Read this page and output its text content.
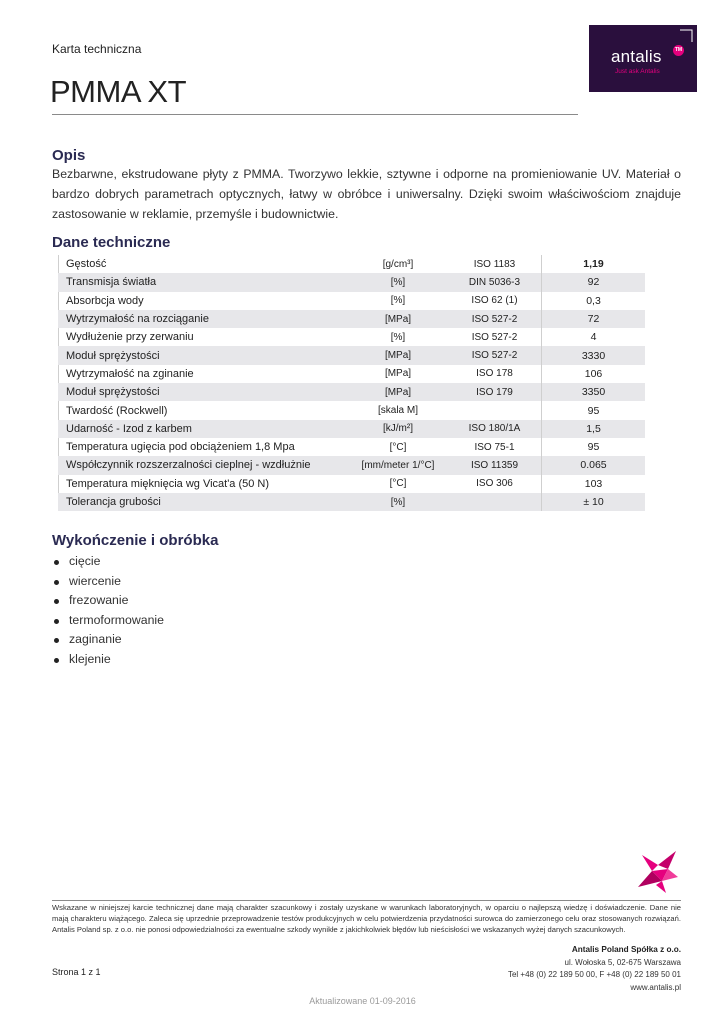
Karta techniczna
PMMA XT
antalis	TM
Just ask Antalis
Opis
Bezbarwne, ekstrudowane płyty z PMMA. Tworzywo lekkie, sztywne i odporne na promieniowanie UV. Materiał o bardzo dobrych parametrach optycznych, łatwy w obróbce i uniwersalny. Dzięki swoim właściwościom znajduje zastosowanie w reklamie, przemyśle i budownictwie.
Dane techniczne
Gęstość	[g/cm³]	ISO 1183	1,19
Transmisja światła	[%]	DIN 5036-3	92
Absorbcja wody	[%]	ISO 62 (1)	0,3
Wytrzymałość na rozciąganie	[MPa]	ISO 527-2	72
Wydłużenie przy zerwaniu	[%]	ISO 527-2	4
Moduł sprężystości	[MPa]	ISO 527-2	3330
Wytrzymałość na zginanie	[MPa]	ISO 178	106
Moduł sprężystości	[MPa]	ISO 179	3350
Twardość (Rockwell)	[skala M]		95
Udarność - Izod z karbem	[kJ/m²]	ISO 180/1A	1,5
Temperatura ugięcia pod obciążeniem 1,8 Mpa	[°C]	ISO 75-1	95
Współczynnik rozszerzalności cieplnej - wzdłużnie	[mm/meter 1/°C]	ISO 11359	0.065
Temperatura mięknięcia wg Vicat'a (50 N)	[°C]	ISO 306	103
Tolerancja grubości	[%]		± 10
Wykończenie i obróbka
cięcie
wiercenie
frezowanie
termoformowanie
zaginanie
klejenie
Wskazane w niniejszej karcie technicznej dane mają charakter szacunkowy i zostały uzyskane w warunkach laboratoryjnych, w oparciu o najlepszą wiedzę i doświadczenie. Dane nie mają charakteru wiążącego. Zaleca się uprzednie przeprowadzenie testów produkcyjnych w celu potwierdzenia przydatności surowca do zamierzonego celu oraz stosowanych rozwiązań. Antalis Poland sp. z o.o. nie ponosi odpowiedzialności za ewentualne szkody wynikłe z jakichkolwiek błędów lub nieścisłości we wskazanych wyżej danych szacunkowych.
Antalis Poland Spółka z o.o.
ul. Wołoska 5, 02-675 Warszawa
Tel +48 (0) 22 189 50 00, F +48 (0) 22 189 50 01
www.antalis.pl
Strona 1 z 1
Aktualizowane 01-09-2016
